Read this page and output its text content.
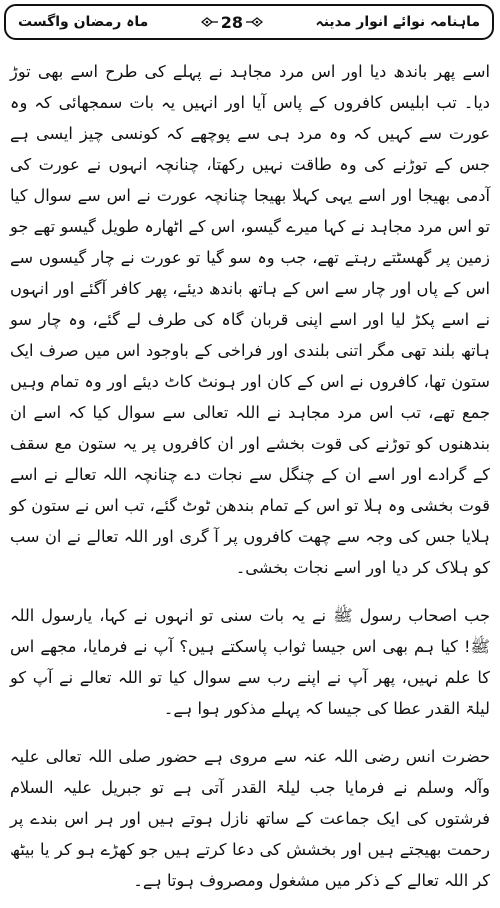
ماہنامہ نوائے انوار مدینہ
28
ماہ رمضان واگست

اسے پھر باندھ دیا اور اس مرد مجاہد نے پہلے کی طرح اسے بھی توڑ دیا۔ تب ابلیس کافروں کے پاس آیا اور انہیں یہ بات سمجھائی کہ وہ عورت سے کہیں کہ وہ مرد ہی سے پوچھے کہ کونسی چیز ایسی ہے جس کے توڑنے کی وہ طاقت نہیں رکھتا، چنانچہ انہوں نے عورت کی آدمی بھیجا اور اسے یہی کہلا بھیجا چنانچہ عورت نے اس سے سوال کیا تو اس مرد مجاہد نے کہا میرے گیسو، اس کے اٹھارہ طویل گیسو تھے جو زمین پر گھسٹتے رہتے تھے، جب وہ سو گیا تو عورت نے چار گیسوں سے اس کے پاں اور چار سے اس کے ہاتھ باندھ دیئے، پھر کافر آگئے اور انہوں نے اسے پکڑ لیا اور اسے اپنی قربان گاہ کی طرف لے گئے، وہ چار سو ہاتھ بلند تھی مگر اتنی بلندی اور فراخی کے باوجود اس میں صرف ایک ستون تھا، کافروں نے اس کے کان اور ہونٹ کاٹ دیئے اور وہ تمام وہیں جمع تھے، تب اس مرد مجاہد نے اللہ تعالی سے سوال کیا کہ اسے ان بندھنوں کو توڑنے کی قوت بخشے اور ان کافروں پر یہ ستون مع سقف کے گرادے اور اسے ان کے چنگل سے نجات دے چنانچہ اللہ تعالے نے اسے قوت بخشی وہ ہلا تو اس کے تمام بندھن ٹوٹ گئے، تب اس نے ستون کو ہلایا جس کی وجہ سے چھت کافروں پر آ گری اور اللہ تعالے نے ان سب کو ہلاک کر دیا اور اسے نجات بخشی۔

جب اصحاب رسول ﷺ نے یہ بات سنی تو انہوں نے کہا، یارسول اللہ ﷺ! کیا ہم بھی اس جیسا ثواب پاسکتے ہیں؟ آپ نے فرمایا، مجھے اس کا علم نہیں، پھر آپ نے اپنے رب سے سوال کیا تو اللہ تعالے نے آپ کو لیلۃ القدر عطا کی جیسا کہ پہلے مذکور ہوا ہے۔

حضرت انس رضی اللہ عنہ سے مروی ہے حضور صلی اللہ تعالی علیہ وآلہ وسلم نے فرمایا جب لیلۃ القدر آتی ہے تو جبریل علیہ السلام فرشتوں کی ایک جماعت کے ساتھ نازل ہوتے ہیں اور ہر اس بندے پر رحمت بھیجتے ہیں اور بخشش کی دعا کرتے ہیں جو کھڑے ہو کر یا بیٹھ کر اللہ تعالے کے ذکر میں مشغول ومصروف ہوتا ہے۔
